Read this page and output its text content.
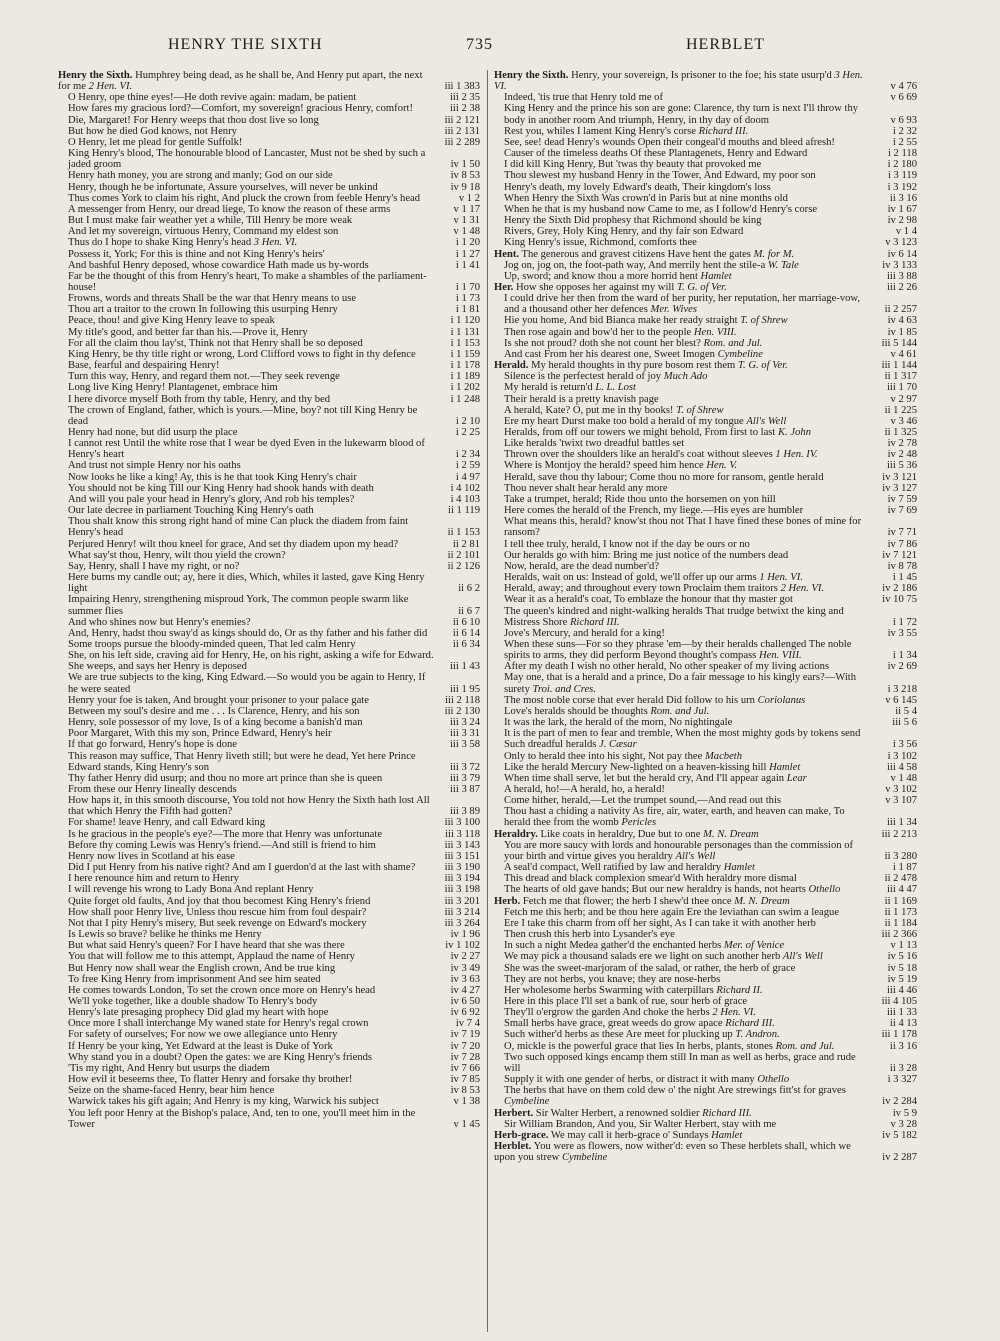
HENRY THE SIXTH	735	HERBLET
Henry the Sixth. Humphrey being dead, as he shall be, And Henry put apart, the next for me 2 Hen. VI.	iii 1 383
O Henry, ope thine eyes!—He doth revive again: madam, be patient	iii 2 35
How fares my gracious lord?—Comfort, my sovereign! gracious Henry, comfort!	iii 2 38
Die, Margaret! For Henry weeps that thou dost live so long	iii 2 121
But how he died God knows, not Henry	iii 2 131
O Henry, let me plead for gentle Suffolk!	iii 2 289
King Henry's blood, The honourable blood of Lancaster, Must not be shed by such a jaded groom	iv 1 50
Henry hath money, you are strong and manly; God on our side	iv 8 53
Henry, though he be infortunate, Assure yourselves, will never be unkind	iv 9 18
Thus comes York to claim his right, And pluck the crown from feeble Henry's head	v 1 2
A messenger from Henry, our dread liege, To know the reason of these arms	v 1 17
But I must make fair weather yet a while, Till Henry be more weak	v 1 31
And let my sovereign, virtuous Henry, Command my eldest son	v 1 48
Thus do I hope to shake King Henry's head 3 Hen. VI.	i 1 20
Possess it, York; For this is thine and not King Henry's heirs'	i 1 27
And bashful Henry deposed, whose cowardice Hath made us by-words	i 1 41
Far be the thought of this from Henry's heart, To make a shambles of the parliament-house!	i 1 70
Frowns, words and threats Shall be the war that Henry means to use	i 1 73
Thou art a traitor to the crown In following this usurping Henry	i 1 81
Peace, thou! and give King Henry leave to speak	i 1 120
My title's good, and better far than his.—Prove it, Henry	i 1 131
For all the claim thou lay'st, Think not that Henry shall be so deposed	i 1 153
King Henry, be thy title right or wrong, Lord Clifford vows to fight in thy defence	i 1 159
Base, fearful and despairing Henry!	i 1 178
Turn this way, Henry, and regard them not.—They seek revenge	i 1 189
Long live King Henry! Plantagenet, embrace him	i 1 202
I here divorce myself Both from thy table, Henry, and thy bed	i 1 248
The crown of England, father, which is yours.—Mine, boy? not till King Henry be dead	i 2 10
Henry had none, but did usurp the place	i 2 25
I cannot rest Until the white rose that I wear be dyed Even in the lukewarm blood of Henry's heart	i 2 34
And trust not simple Henry nor his oaths	i 2 59
Now looks he like a king! Ay, this is he that took King Henry's chair	i 4 97
You should not be king Till our King Henry had shook hands with death	i 4 102
And will you pale your head in Henry's glory, And rob his temples?	i 4 103
Our late decree in parliament Touching King Henry's oath	ii 1 119
Thou shalt know this strong right hand of mine Can pluck the diadem from faint Henry's head	ii 1 153
Perjured Henry! wilt thou kneel for grace, And set thy diadem upon my head?	ii 2 81
What say'st thou, Henry, wilt thou yield the crown?	ii 2 101
Say, Henry, shall I have my right, or no?	ii 2 126
Here burns my candle out; ay, here it dies, Which, whiles it lasted, gave King Henry light	ii 6 2
Impairing Henry, strengthening misproud York, The common people swarm like summer flies	ii 6 7
And who shines now but Henry's enemies?	ii 6 10
And, Henry, hadst thou sway'd as kings should do, Or as thy father and his father did	ii 6 14
Some troops pursue the bloody-minded queen, That led calm Henry	ii 6 34
She, on his left side, craving aid for Henry, He, on his right, asking a wife for Edward. She weeps, and says her Henry is deposed	iii 1 43
We are true subjects to the king, King Edward.—So would you be again to Henry, If he were seated	iii 1 95
Henry your foe is taken, And brought your prisoner to your palace gate	iii 2 118
Between my soul's desire and me . . . Is Clarence, Henry, and his son	iii 2 130
Henry, sole possessor of my love, Is of a king become a banish'd man	iii 3 24
Poor Margaret, With this my son, Prince Edward, Henry's heir	iii 3 31
If that go forward, Henry's hope is done	iii 3 58
This reason may suffice, That Henry liveth still; but were he dead, Yet here Prince Edward stands, King Henry's son	iii 3 72
Thy father Henry did usurp; and thou no more art prince than she is queen	iii 3 79
From these our Henry lineally descends	iii 3 87
How haps it, in this smooth discourse, You told not how Henry the Sixth hath lost All that which Henry the Fifth had gotten?	iii 3 89
For shame! leave Henry, and call Edward king	iii 3 100
Is he gracious in the people's eye?—The more that Henry was unfortunate	iii 3 118
Before thy coming Lewis was Henry's friend.—And still is friend to him	iii 3 143
Henry now lives in Scotland at his ease	iii 3 151
Did I put Henry from his native right? And am I guerdon'd at the last with shame?	iii 3 190
I here renounce him and return to Henry	iii 3 194
I will revenge his wrong to Lady Bona And replant Henry	iii 3 198
Quite forget old faults, And joy that thou becomest King Henry's friend	iii 3 201
How shall poor Henry live, Unless thou rescue him from foul despair?	iii 3 214
Not that I pity Henry's misery, But seek revenge on Edward's mockery	iii 3 264
Is Lewis so brave? belike he thinks me Henry	iv 1 96
But what said Henry's queen? For I have heard that she was there	iv 1 102
You that will follow me to this attempt, Applaud the name of Henry	iv 2 27
But Henry now shall wear the English crown, And be true king	iv 3 49
To free King Henry from imprisonment And see him seated	iv 3 63
He comes towards London, To set the crown once more on Henry's head	iv 4 27
We'll yoke together, like a double shadow To Henry's body	iv 6 50
Henry's late presaging prophecy Did glad my heart with hope	iv 6 92
Once more I shall interchange My waned state for Henry's regal crown	iv 7 4
For safety of ourselves; For now we owe allegiance unto Henry	iv 7 19
If Henry be your king, Yet Edward at the least is Duke of York	iv 7 20
Why stand you in a doubt? Open the gates: we are King Henry's friends	iv 7 28
'Tis my right, And Henry but usurps the diadem	iv 7 66
How evil it beseems thee, To flatter Henry and forsake thy brother!	iv 7 85
Seize on the shame-faced Henry, bear him hence	iv 8 53
Warwick takes his gift again; And Henry is my king, Warwick his subject	v 1 38
You left poor Henry at the Bishop's palace, And, ten to one, you'll meet him in the Tower	v 1 45
Henry the Sixth. Henry, your sovereign, Is prisoner to the foe; his state usurp'd 3 Hen. VI.	v 4 76
Indeed, 'tis true that Henry told me of	v 6 69
King Henry and the prince his son are gone: Clarence, thy turn is next I'll throw thy body in another room And triumph, Henry, in thy day of doom	v 6 93
Rest you, whiles I lament King Henry's corse Richard III.	i 2 32
See, see! dead Henry's wounds Open their congeal'd mouths and bleed afresh!	i 2 55
Causer of the timeless deaths Of these Plantagenets, Henry and Edward	i 2 118
I did kill King Henry, But 'twas thy beauty that provoked me	i 2 180
Thou slewest my husband Henry in the Tower, And Edward, my poor son	i 3 119
Henry's death, my lovely Edward's death, Their kingdom's loss	i 3 192
When Henry the Sixth Was crown'd in Paris but at nine months old	ii 3 16
When he that is my husband now Came to me, as I follow'd Henry's corse	iv 1 67
Henry the Sixth Did prophesy that Richmond should be king	iv 2 98
Rivers, Grey, Holy King Henry, and thy fair son Edward	v 1 4
King Henry's issue, Richmond, comforts thee	v 3 123
Hent. The generous and gravest citizens Have hent the gates M. for M.	iv 6 14
Jog on, jog on, the foot-path way, And merrily hent the stile-a W. Tale	iv 3 133
Up, sword; and know thou a more horrid hent Hamlet	iii 3 88
Her. How she opposes her against my will T. G. of Ver.	iii 2 26
I could drive her then from the ward of her purity, her reputation, her marriage-vow, and a thousand other her defences Mer. Wives	ii 2 257
Hie you home, And bid Bianca make her ready straight T. of Shrew	iv 4 63
Then rose again and bow'd her to the people Hen. VIII.	iv 1 85
Is she not proud? doth she not count her blest? Rom. and Jul.	iii 5 144
And cast From her his dearest one, Sweet Imogen Cymbeline	v 4 61
Herald. My herald thoughts in thy pure bosom rest them T. G. of Ver.	iii 1 144
Silence is the perfectest herald of joy Much Ado	ii 1 317
My herald is return'd L. L. Lost	iii 1 70
Their herald is a pretty knavish page	v 2 97
A herald, Kate? O, put me in thy books! T. of Shrew	ii 1 225
Ere my heart Durst make too bold a herald of my tongue All's Well	v 3 46
Heralds, from off our towers we might behold, From first to last K. John	ii 1 325
Like heralds 'twixt two dreadful battles set	iv 2 78
Thrown over the shoulders like an herald's coat without sleeves 1 Hen. IV.	iv 2 48
Where is Montjoy the herald? speed him hence Hen. V.	iii 5 36
Herald, save thou thy labour; Come thou no more for ransom, gentle herald	iv 3 121
Thou never shalt hear herald any more	iv 3 127
Take a trumpet, herald; Ride thou unto the horsemen on yon hill	iv 7 59
Here comes the herald of the French, my liege.—His eyes are humbler	iv 7 69
What means this, herald? know'st thou not That I have fined these bones of mine for ransom?	iv 7 71
I tell thee truly, herald, I know not if the day be ours or no	iv 7 86
Our heralds go with him: Bring me just notice of the numbers dead	iv 7 121
Now, herald, are the dead number'd?	iv 8 78
Heralds, wait on us: Instead of gold, we'll offer up our arms 1 Hen. VI.	i 1 45
Herald, away; and throughout every town Proclaim them traitors 2 Hen. VI.	iv 2 186
Wear it as a herald's coat, To emblaze the honour that thy master got	iv 10 75
The queen's kindred and night-walking heralds That trudge betwixt the king and Mistress Shore Richard III.	i 1 72
Jove's Mercury, and herald for a king!	iv 3 55
When these suns—For so they phrase 'em—by their heralds challenged The noble spirits to arms, they did perform Beyond thought's compass Hen. VIII.	i 1 34
After my death I wish no other herald, No other speaker of my living actions	iv 2 69
May one, that is a herald and a prince, Do a fair message to his kingly ears?—With surety Troi. and Cres.	i 3 218
The most noble corse that ever herald Did follow to his urn Coriolanus	v 6 145
Love's heralds should be thoughts Rom. and Jul.	ii 5 4
It was the lark, the herald of the morn, No nightingale	iii 5 6
It is the part of men to fear and tremble, When the most mighty gods by tokens send Such dreadful heralds J. Cæsar	i 3 56
Only to herald thee into his sight, Not pay thee Macbeth	i 3 102
Like the herald Mercury New-lighted on a heaven-kissing hill Hamlet	iii 4 58
When time shall serve, let but the herald cry, And I'll appear again Lear	v 1 48
A herald, ho!—A herald, ho, a herald!	v 3 102
Come hither, herald,—Let the trumpet sound,—And read out this	v 3 107
Thou hast a chiding a nativity As fire, air, water, earth, and heaven can make, To herald thee from the womb Pericles	iii 1 34
Heraldry. Like coats in heraldry, Due but to one M. N. Dream	iii 2 213
You are more saucy with lords and honourable personages than the commission of your birth and virtue gives you heraldry All's Well	ii 3 280
A seal'd compact, Well ratified by law and heraldry Hamlet	i 1 87
This dread and black complexion smear'd With heraldry more dismal	ii 2 478
The hearts of old gave hands; But our new heraldry is hands, not hearts Othello	iii 4 47
Herb. Fetch me that flower; the herb I shew'd thee once M. N. Dream	ii 1 169
Fetch me this herb; and be thou here again Ere the leviathan can swim a league	ii 1 173
Ere I take this charm from off her sight, As I can take it with another herb	ii 1 184
Then crush this herb into Lysander's eye	iii 2 366
In such a night Medea gather'd the enchanted herbs Mer. of Venice	v 1 13
We may pick a thousand salads ere we light on such another herb All's Well	iv 5 16
She was the sweet-marjoram of the salad, or rather, the herb of grace	iv 5 18
They are not herbs, you knave; they are nose-herbs	iv 5 19
Her wholesome herbs Swarming with caterpillars Richard II.	iii 4 46
Here in this place I'll set a bank of rue, sour herb of grace	iii 4 105
They'll o'ergrow the garden And choke the herbs 2 Hen. VI.	iii 1 33
Small herbs have grace, great weeds do grow apace Richard III.	ii 4 13
Such wither'd herbs as these Are meet for plucking up T. Andron.	iii 1 178
O, mickle is the powerful grace that lies In herbs, plants, stones Rom. and Jul.	ii 3 16
Two such opposed kings encamp them still In man as well as herbs, grace and rude will	ii 3 28
Supply it with one gender of herbs, or distract it with many Othello	i 3 327
The herbs that have on them cold dew o' the night Are strewings fitt'st for graves Cymbeline	iv 2 284
Herbert. Sir Walter Herbert, a renowned soldier Richard III.	iv 5 9
Sir William Brandon, And you, Sir Walter Herbert, stay with me	v 3 28
Herb-grace. We may call it herb-grace o' Sundays Hamlet	iv 5 182
Herblet. You were as flowers, now wither'd: even so These herblets shall, which we upon you strew Cymbeline	iv 2 287
